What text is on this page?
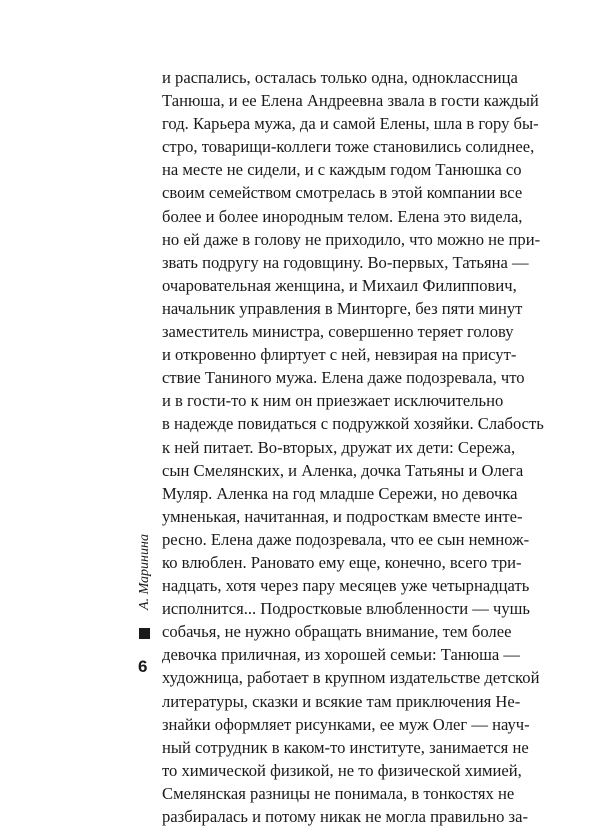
и распались, осталась только одна, одноклассница
Танюша, и ее Елена Андреевна звала в гости каждый
год. Карьера мужа, да и самой Елены, шла в гору бы-
стро, товарищи-коллеги тоже становились солиднее,
на месте не сидели, и с каждым годом Танюшка со
своим семейством смотрелась в этой компании все
более и более инородным телом. Елена это видела,
но ей даже в голову не приходило, что можно не при-
звать подругу на годовщину. Во-первых, Татьяна —
очаровательная женщина, и Михаил Филиппович,
начальник управления в Минторге, без пяти минут
заместитель министра, совершенно теряет голову
и откровенно флиртует с ней, невзирая на присут-
ствие Таниного мужа. Елена даже подозревала, что
и в гости-то к ним он приезжает исключительно
в надежде повидаться с подружкой хозяйки. Слабость
к ней питает. Во-вторых, дружат их дети: Сережа,
сын Смелянских, и Аленка, дочка Татьяны и Олега
Муляр. Аленка на год младше Сережи, но девочка
умненькая, начитанная, и подросткам вместе инте-
ресно. Елена даже подозревала, что ее сын немнож-
ко влюблен. Рановато ему еще, конечно, всего три-
надцать, хотя через пару месяцев уже четырнадцать
исполнится... Подростковые влюбленности — чушь
собачья, не нужно обращать внимание, тем более
девочка приличная, из хорошей семьи: Танюша —
художница, работает в крупном издательстве детской
литературы, сказки и всякие там приключения Не-
знайки оформляет рисунками, ее муж Олег — науч-
ный сотрудник в каком-то институте, занимается не
то химической физикой, не то физической химией,
Смелянская разницы не понимала, в тонкостях не
разбиралась и потому никак не могла правильно за-
А. Маринина
6
